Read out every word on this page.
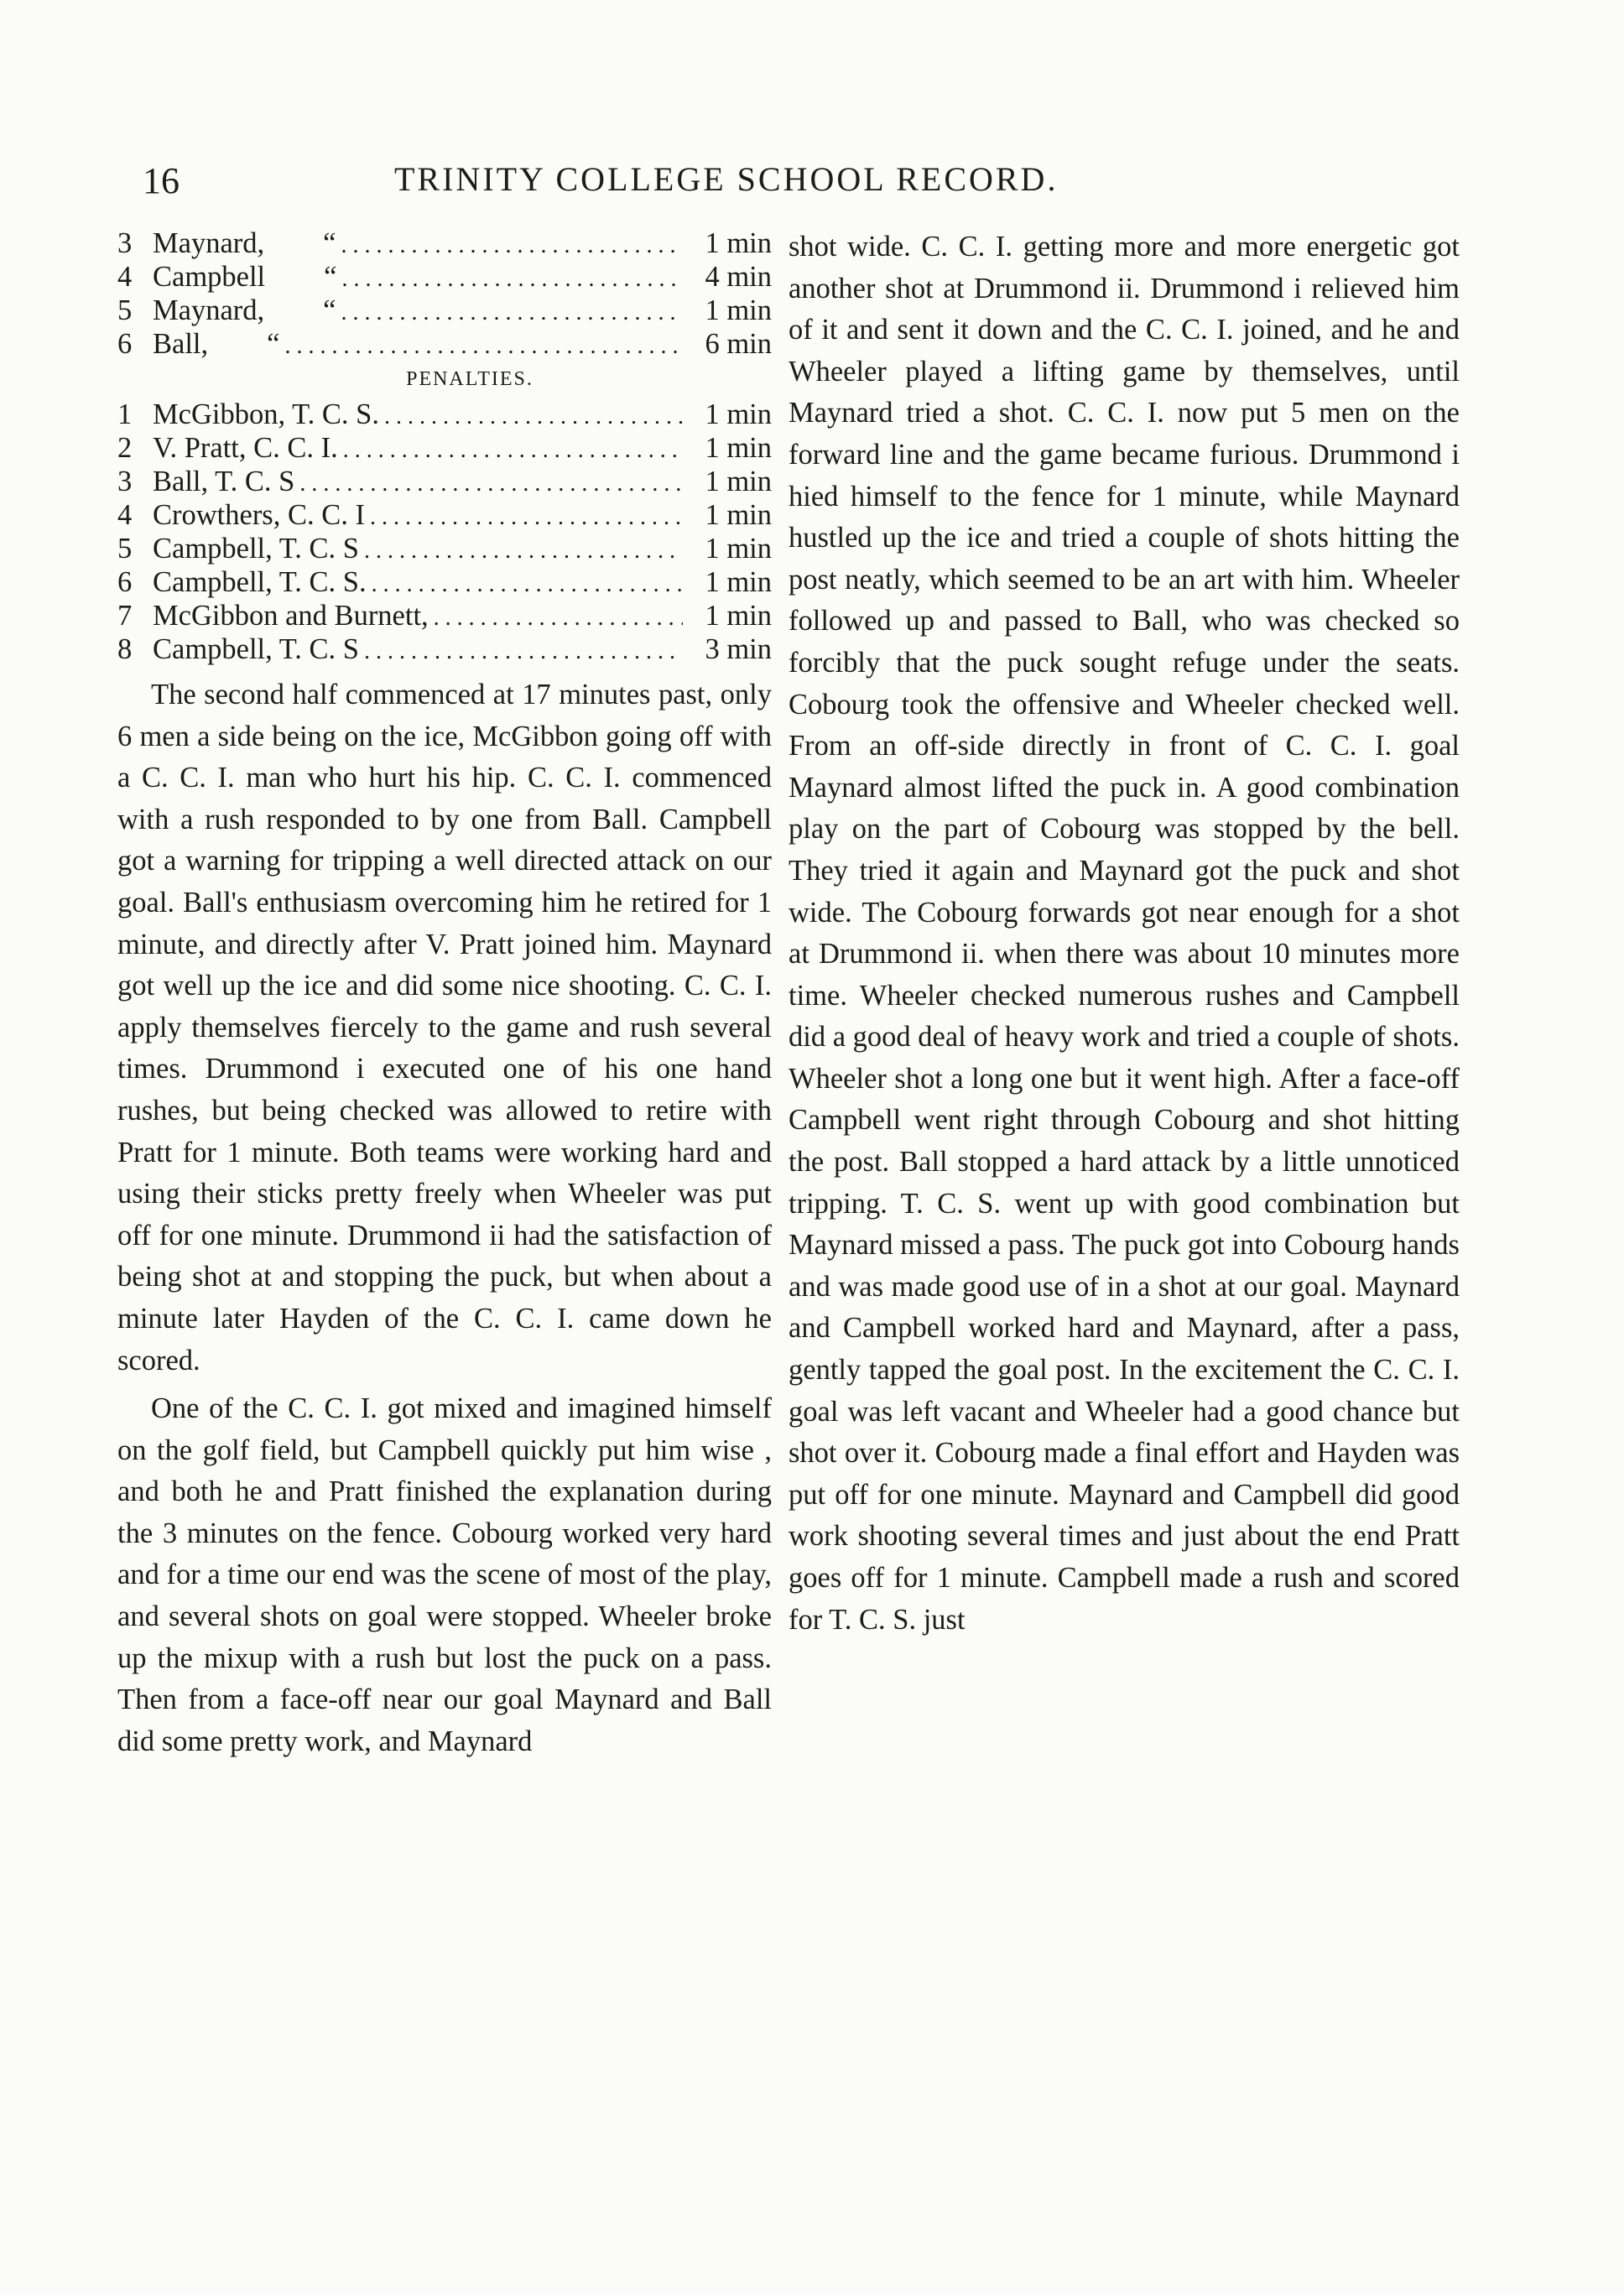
16	TRINITY COLLEGE SCHOOL RECORD.
3 Maynard, “ .....	1 min
4 Campbell “ .....	4 min
5 Maynard, “ .....	1 min
6 Ball, “ .....	6 min
PENALTIES.
1 McGibbon, T. C. S. .....	1 min
2 V. Pratt, C. C. I. .....	1 min
3 Ball, T. C. S .....	1 min
4 Crowthers, C. C. I .....	1 min
5 Campbell, T. C. S .....	1 min
6 Campbell, T. C. S. .....	1 min
7 McGibbon and Burnett, .....	1 min
8 Campbell, T. C. S .....	3 min

The second half commenced at 17 minutes past, only 6 men a side being on the ice, McGibbon going off with a C. C. I. man who hurt his hip. C. C. I. commenced with a rush responded to by one from Ball. Campbell got a warning for tripping a well directed attack on our goal. Ball's enthusiasm overcoming him he retired for 1 minute, and directly after V. Pratt joined him. Maynard got well up the ice and did some nice shooting. C. C. I. apply themselves fiercely to the game and rush several times. Drummond i executed one of his one hand rushes, but being checked was allowed to retire with Pratt for 1 minute. Both teams were working hard and using their sticks pretty freely when Wheeler was put off for one minute. Drummond ii had the satisfaction of being shot at and stopping the puck, but when about a minute later Hayden of the C. C. I. came down he scored.

One of the C. C. I. got mixed and imagined himself on the golf field, but Campbell quickly put him wise , and both he and Pratt finished the explanation during the 3 minutes on the fence. Cobourg worked very hard and for a time our end was the scene of most of the play, and several shots on goal were stopped. Wheeler broke up the mixup with a rush but lost the puck on a pass. Then from a face-off near our goal Maynard and Ball did some pretty work, and Maynard

shot wide. C. C. I. getting more and more energetic got another shot at Drummond ii. Drummond i relieved him of it and sent it down and the C. C. I. joined, and he and Wheeler played a lifting game by themselves, until Maynard tried a shot. C. C. I. now put 5 men on the forward line and the game became furious. Drummond i hied himself to the fence for 1 minute, while Maynard hustled up the ice and tried a couple of shots hitting the post neatly, which seemed to be an art with him. Wheeler followed up and passed to Ball, who was checked so forcibly that the puck sought refuge under the seats. Cobourg took the offensive and Wheeler checked well. From an off-side directly in front of C. C. I. goal Maynard almost lifted the puck in. A good combination play on the part of Cobourg was stopped by the bell. They tried it again and Maynard got the puck and shot wide. The Cobourg forwards got near enough for a shot at Drummond ii. when there was about 10 minutes more time. Wheeler checked numerous rushes and Campbell did a good deal of heavy work and tried a couple of shots. Wheeler shot a long one but it went high. After a face-off Campbell went right through Cobourg and shot hitting the post. Ball stopped a hard attack by a little unnoticed tripping. T. C. S. went up with good combination but Maynard missed a pass. The puck got into Cobourg hands and was made good use of in a shot at our goal. Maynard and Campbell worked hard and Maynard, after a pass, gently tapped the goal post. In the excitement the C. C. I. goal was left vacant and Wheeler had a good chance but shot over it. Cobourg made a final effort and Hayden was put off for one minute. Maynard and Campbell did good work shooting several times and just about the end Pratt goes off for 1 minute. Campbell made a rush and scored for T. C. S. just
